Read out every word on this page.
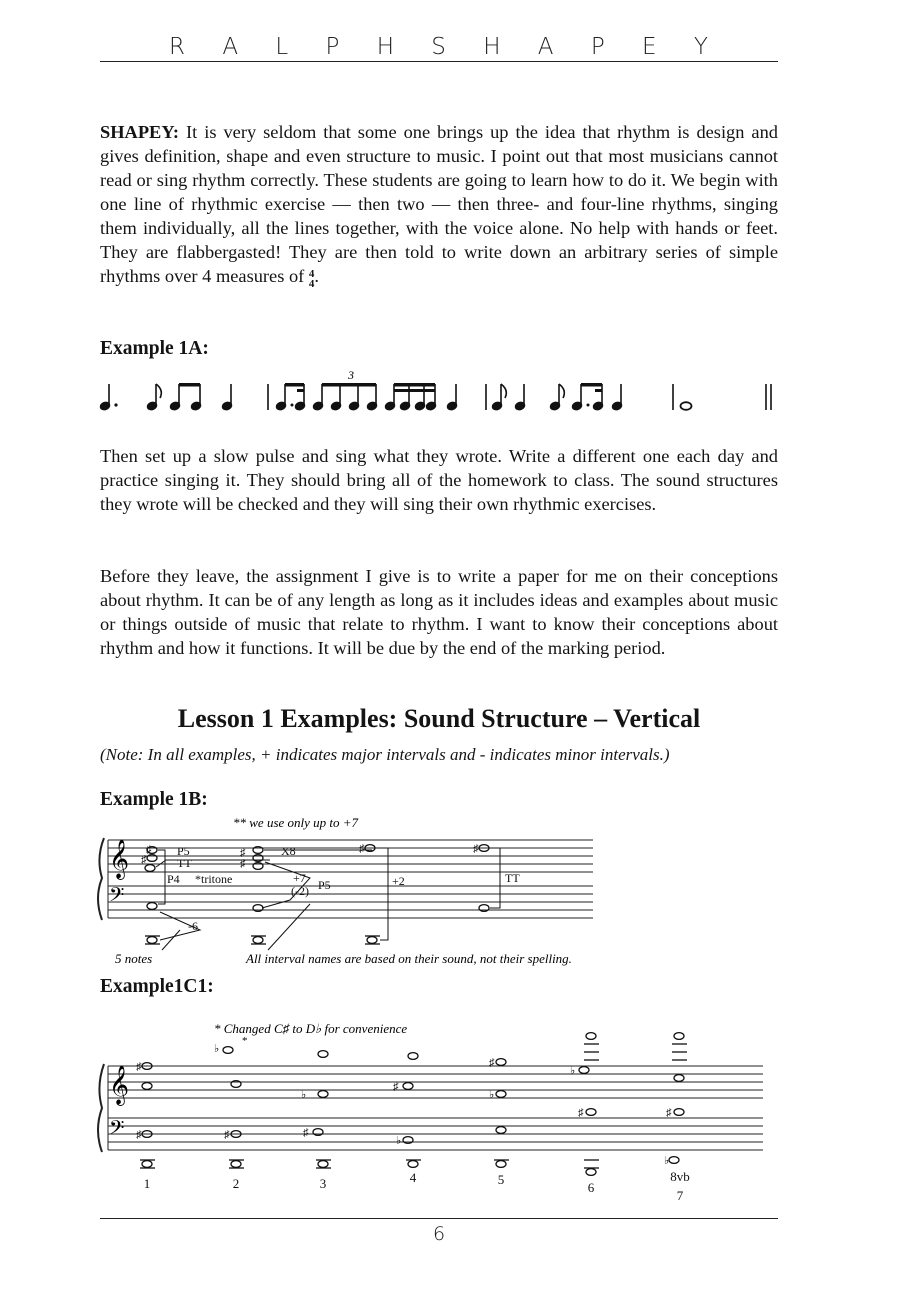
R A L P H S H A P E Y

SHAPEY: It is very seldom that some one brings up the idea that rhythm is design and gives definition, shape and even structure to music. I point out that most musicians cannot read or sing rhythm correctly. These students are going to learn how to do it. We begin with one line of rhythmic exercise — then two — then three- and four-line rhythms, singing them individually, all the lines together, with the voice alone. No help with hands or feet. They are flabbergasted! They are then told to write down an arbitrary series of simple rhythms over 4 measures of 4
4 .

Example 1A:

3

Then set up a slow pulse and sing what they wrote. Write a different one each day and practice singing it. They should bring all of the homework to class. The sound structures they wrote will be checked and they will sing their own rhythmic exercises.

Before they leave, the assignment I give is to write a paper for me on their conceptions about rhythm. It can be of any length as long as it includes ideas and examples about music or things outside of music that relate to rhythm. I want to know their conceptions about rhythm and how it functions. It will be due by the end of the marking period.

Lesson 1 Examples: Sound Structure – Vertical

(Note: In all examples, + indicates major intervals and - indicates minor intervals.)

Example 1B:

** we use only up to +7
𝄞
𝄢
♯
♯
♯
♯
♯	♯
P5
TT
P4 *tritone
X8
+7
(-2) P5	+2	TT
-6
5 notes	All interval names are based on their sound, not their spelling.

Example1C1:

* Changed C♯ to D♭ for convenience
𝄞
𝄢
♯
♯
♭
♯
♭
♯
♯
♭
♯
♭
♭
♯	♯
♭
*
1	2	3	4	5
6
8vb
7
6
